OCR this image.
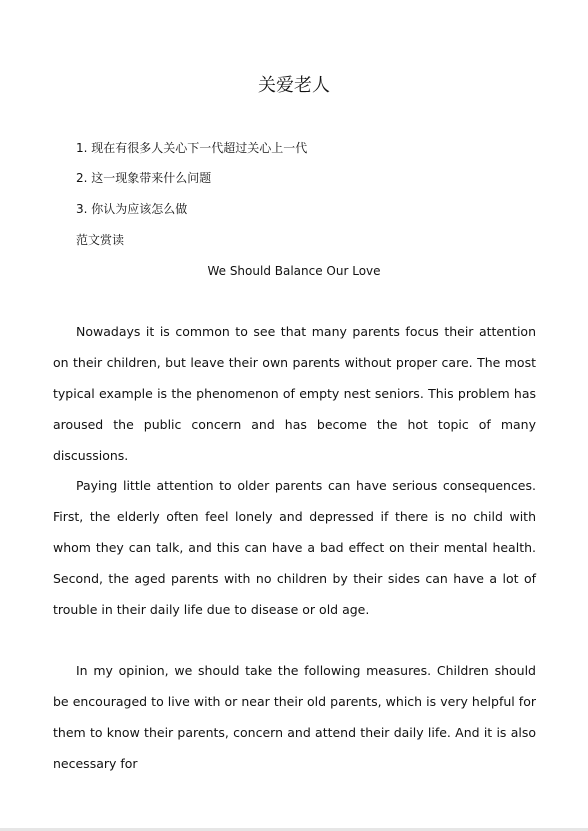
关爱老人
1. 现在有很多人关心下一代超过关心上一代
2. 这一现象带来什么问题
3. 你认为应该怎么做
范文赏读
We Should Balance Our Love

Nowadays it is common to see that many parents focus their attention on their children, but leave their own parents without proper care. The most typical example is the phenomenon of empty nest seniors. This problem has aroused the public concern and has become the hot topic of many discussions.

Paying little attention to older parents can have serious consequences. First, the elderly often feel lonely and depressed if there is no child with whom they can talk, and this can have a bad effect on their mental health. Second, the aged parents with no children by their sides can have a lot of trouble in their daily life due to disease or old age.

In my opinion, we should take the following measures. Children should be encouraged to live with or near their old parents, which is very helpful for them to know their parents, concern and attend their daily life. And it is also necessary for
